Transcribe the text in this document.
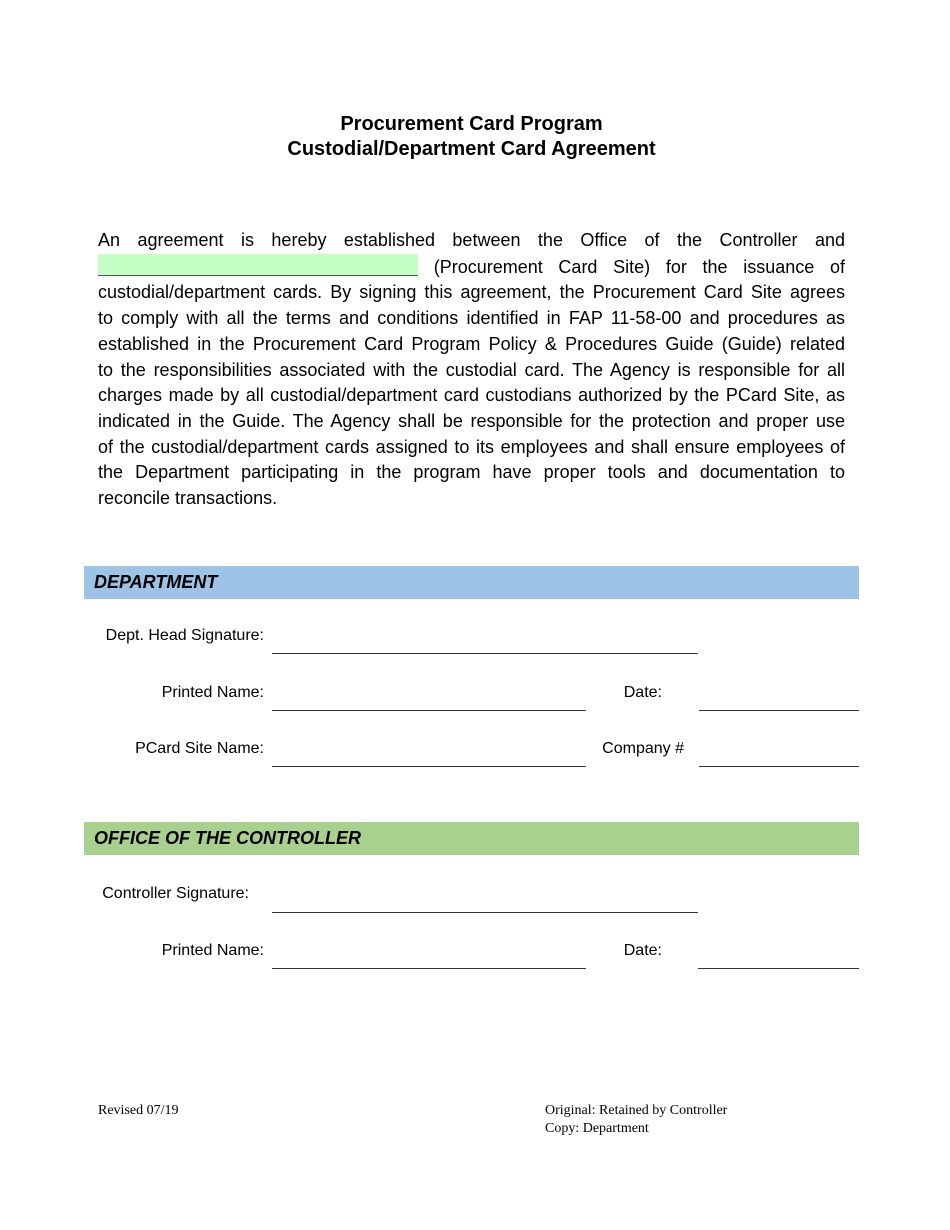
Procurement Card Program
Custodial/Department Card Agreement
An agreement is hereby established between the Office of the Controller and
(Procurement Card Site) for the issuance of
custodial/department cards. By signing this agreement, the Procurement Card Site agrees
to comply with all the terms and conditions identified in FAP 11-58-00 and procedures as
established in the Procurement Card Program Policy & Procedures Guide (Guide) related
to the responsibilities associated with the custodial card. The Agency is responsible for all
charges made by all custodial/department card custodians authorized by the PCard Site, as
indicated in the Guide. The Agency shall be responsible for the protection and proper use
of the custodial/department cards assigned to its employees and shall ensure employees of
the Department participating in the program have proper tools and documentation to
reconcile transactions.
DEPARTMENT
Dept. Head Signature:
Printed Name:	Date:
PCard Site Name:	Company #
OFFICE OF THE CONTROLLER
Controller Signature:
Printed Name:	Date:
Revised 07/19	Original: Retained by Controller
Copy: Department
